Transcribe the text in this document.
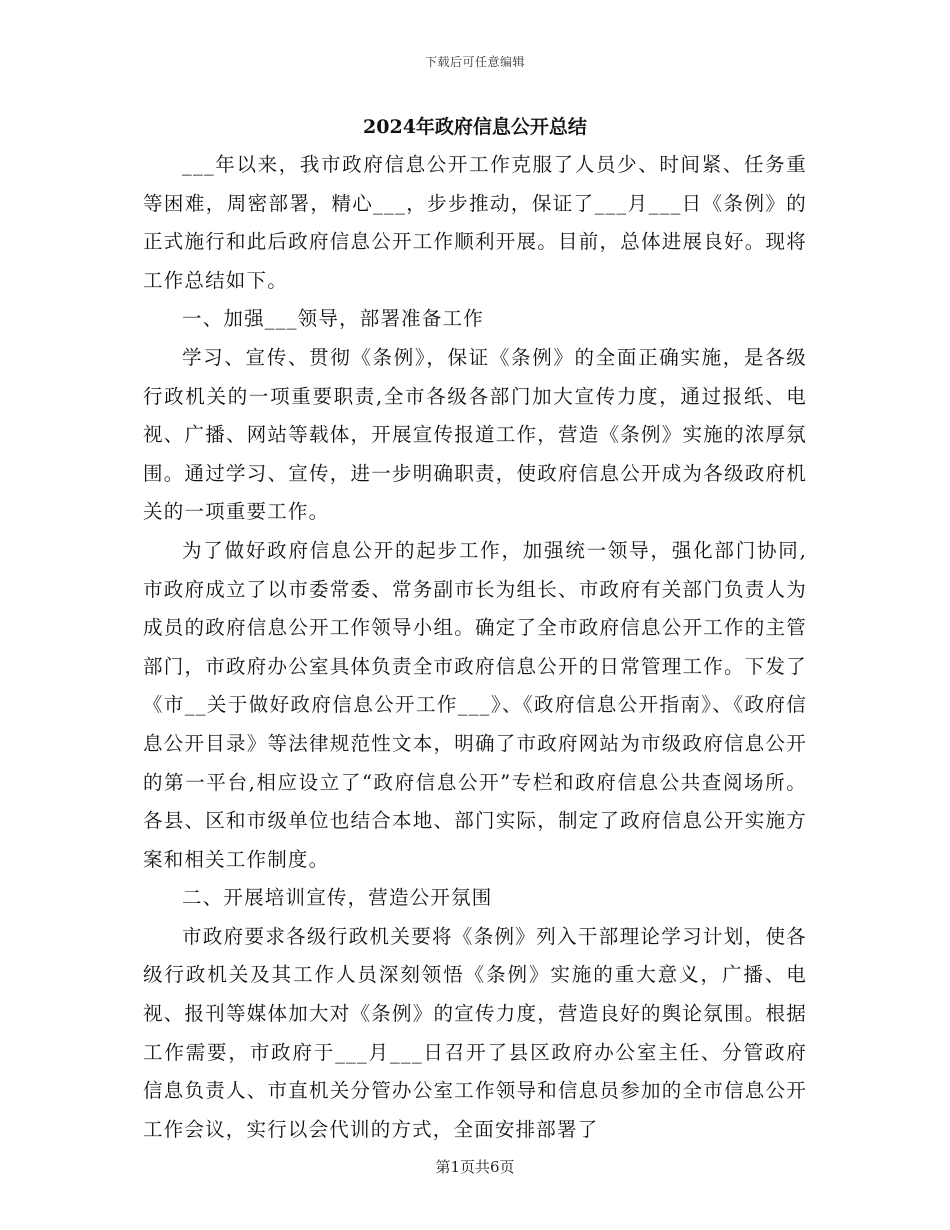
下载后可任意编辑
2024年政府信息公开总结

___年以来，我市政府信息公开工作克服了人员少、时间紧、任务重等困难，周密部署，精心___，步步推动，保证了___月___日《条例》的正式施行和此后政府信息公开工作顺利开展。目前，总体进展良好。现将工作总结如下。

一、加强___领导，部署准备工作

学习、宣传、贯彻《条例》，保证《条例》的全面正确实施，是各级行政机关的一项重要职责,全市各级各部门加大宣传力度，通过报纸、电视、广播、网站等载体，开展宣传报道工作，营造《条例》实施的浓厚氛围。通过学习、宣传，进一步明确职责，使政府信息公开成为各级政府机关的一项重要工作。

为了做好政府信息公开的起步工作，加强统一领导，强化部门协同,市政府成立了以市委常委、常务副市长为组长、市政府有关部门负责人为成员的政府信息公开工作领导小组。确定了全市政府信息公开工作的主管部门，市政府办公室具体负责全市政府信息公开的日常管理工作。下发了《市__关于做好政府信息公开工作___》、《政府信息公开指南》、《政府信息公开目录》等法律规范性文本，明确了市政府网站为市级政府信息公开的第一平台,相应设立了“政府信息公开”专栏和政府信息公共查阅场所。各县、区和市级单位也结合本地、部门实际，制定了政府信息公开实施方案和相关工作制度。

二、开展培训宣传，营造公开氛围

市政府要求各级行政机关要将《条例》列入干部理论学习计划，使各级行政机关及其工作人员深刻领悟《条例》实施的重大意义，广播、电视、报刊等媒体加大对《条例》的宣传力度，营造良好的舆论氛围。根据工作需要，市政府于___月___日召开了县区政府办公室主任、分管政府信息负责人、市直机关分管办公室工作领导和信息员参加的全市信息公开工作会议，实行以会代训的方式，全面安排部署了

第1页共6页
